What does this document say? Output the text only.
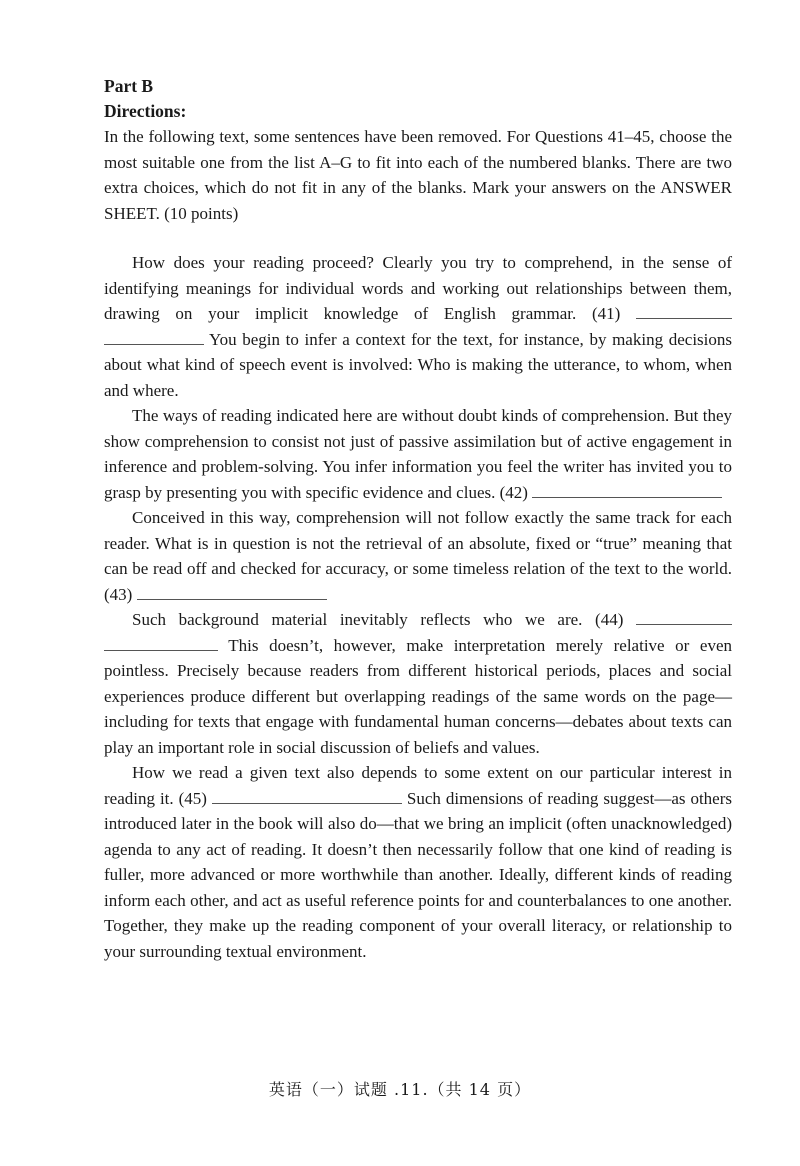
Part B
Directions:

In the following text, some sentences have been removed. For Questions 41–45, choose the most suitable one from the list A–G to fit into each of the numbered blanks. There are two extra choices, which do not fit in any of the blanks. Mark your answers on the ANSWER SHEET. (10 points)

How does your reading proceed? Clearly you try to comprehend, in the sense of identifying meanings for individual words and working out relationships between them, drawing on your implicit knowledge of English grammar. (41)   You begin to infer a context for the text, for instance, by making decisions about what kind of speech event is involved: Who is making the utterance, to whom, when and where.

The ways of reading indicated here are without doubt kinds of comprehension. But they show comprehension to consist not just of passive assimilation but of active engagement in inference and problem-solving. You infer information you feel the writer has invited you to grasp by presenting you with specific evidence and clues. (42)

Conceived in this way, comprehension will not follow exactly the same track for each reader. What is in question is not the retrieval of an absolute, fixed or “true” meaning that can be read off and checked for accuracy, or some timeless relation of the text to the world. (43)

Such background material inevitably reflects who we are. (44)   This doesn’t, however, make interpretation merely relative or even pointless. Precisely because readers from different historical periods, places and social experiences produce different but overlapping readings of the same words on the page—including for texts that engage with fundamental human concerns—debates about texts can play an important role in social discussion of beliefs and values.

How we read a given text also depends to some extent on our particular interest in reading it. (45)	Such dimensions of reading suggest—as others introduced later in the book will also do—that we bring an implicit (often unacknowledged) agenda to any act of reading. It doesn’t then necessarily follow that one kind of reading is fuller, more advanced or more worthwhile than another. Ideally, different kinds of reading inform each other, and act as useful reference points for and counterbalances to one another. Together, they make up the reading component of your overall literacy, or relationship to your surrounding textual environment.

英语（一）试题 .11.（共 14 页）
